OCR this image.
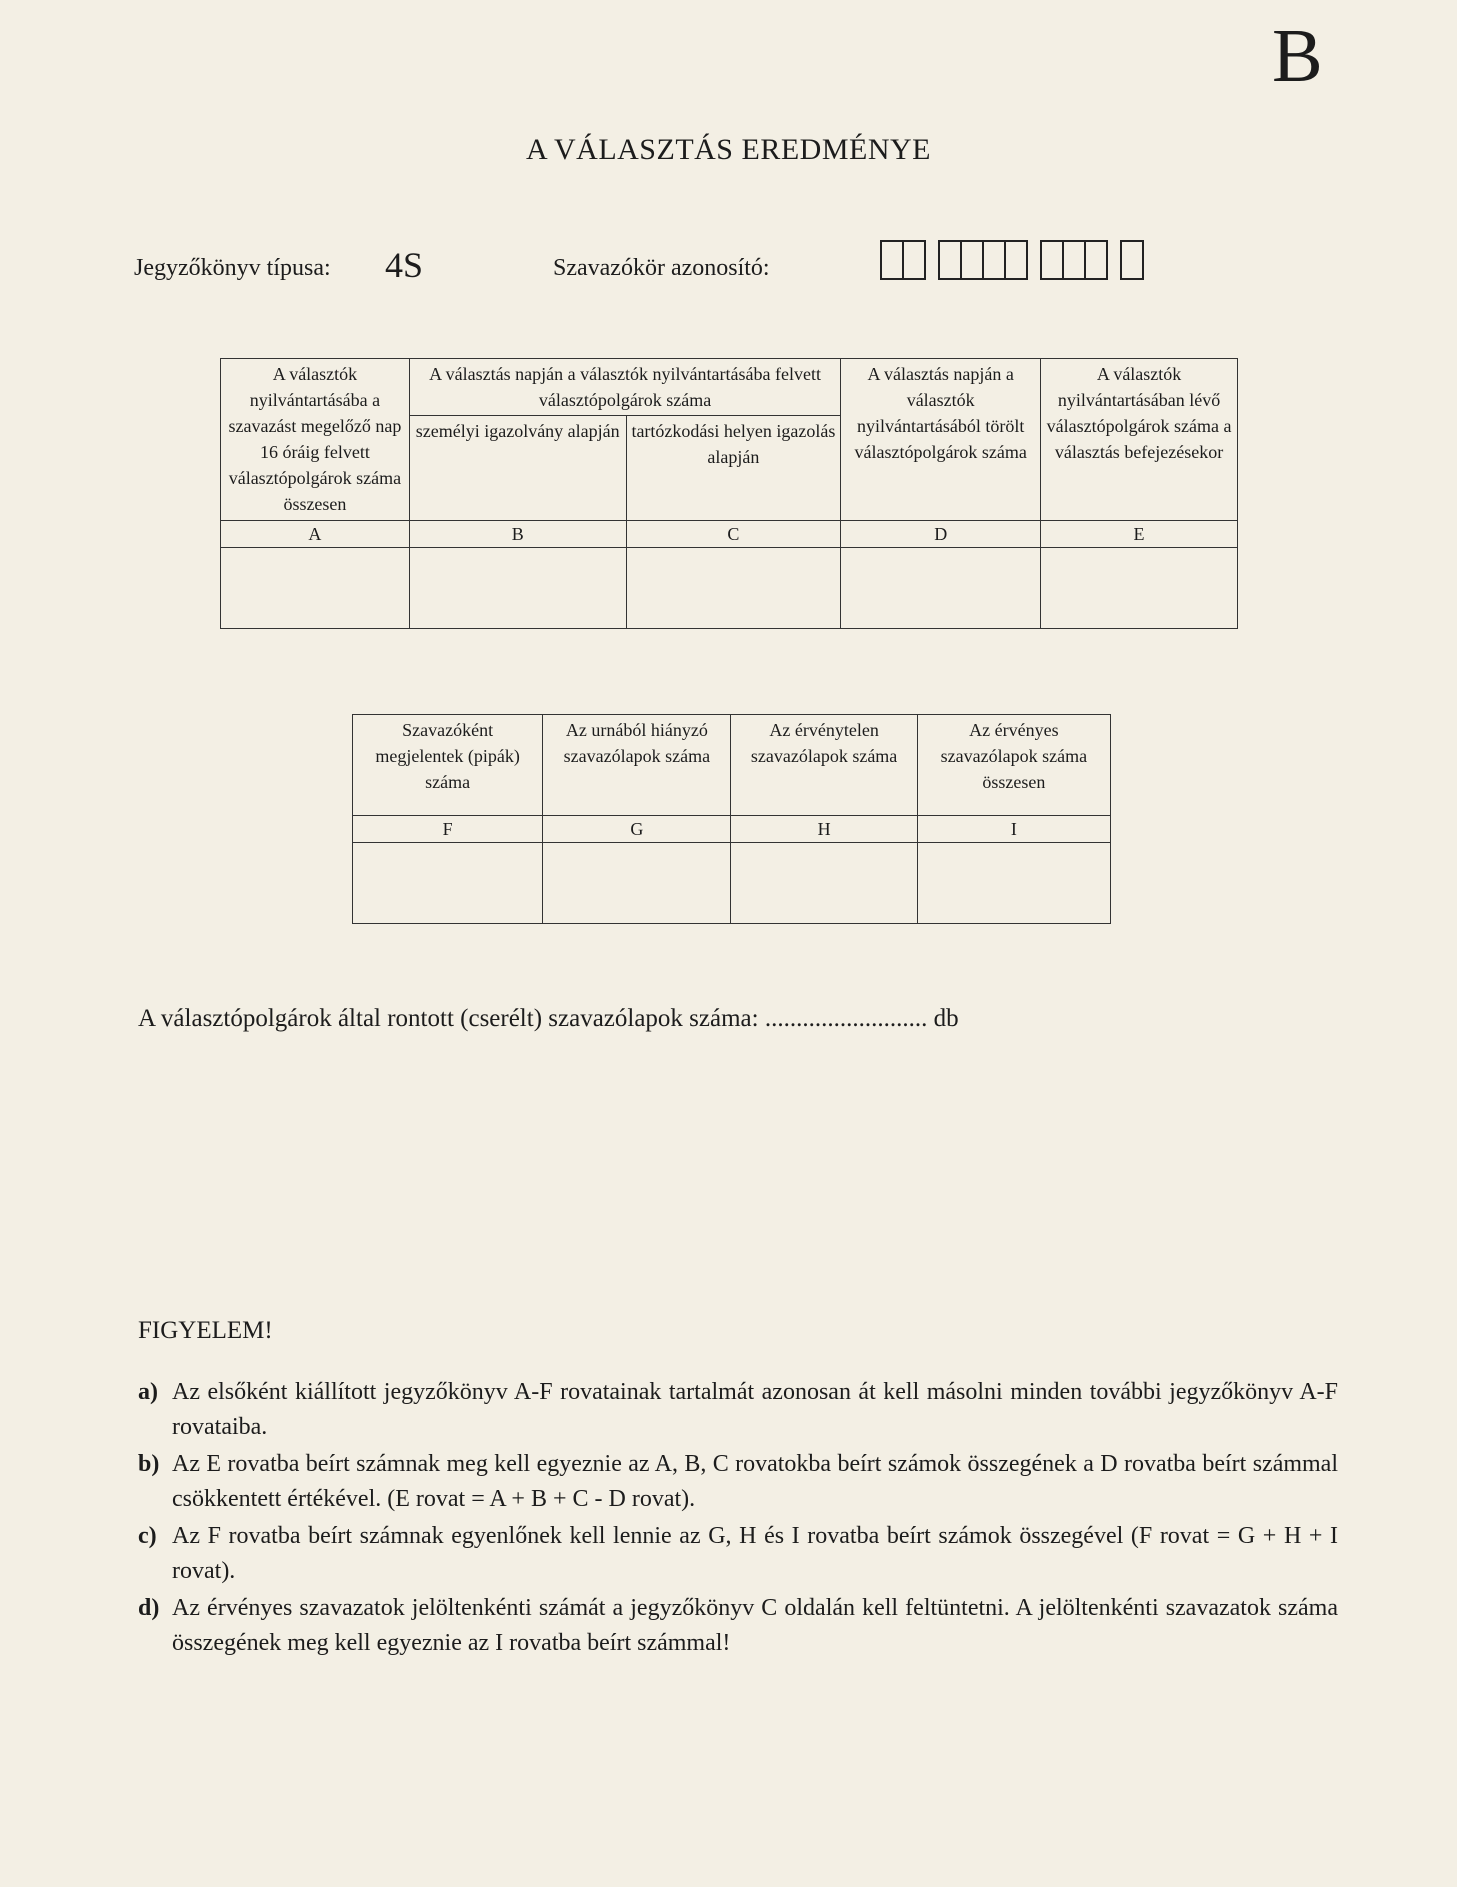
B
A VÁLASZTÁS EREDMÉNYE
Jegyzőkönyv típusa: 4S	Szavazókör azonosító:
A választók nyilvántartásába a szavazást megelőző nap 16 óráig felvett választópolgárok száma összesen	A választás napján a választók nyilvántartásába felvett választópolgárok száma		A választás napján a választók nyilvántartásából törölt választópolgárok száma	A választók nyilvántartásában lévő választópolgárok száma a választás befejezésekor
	személyi igazolvány alapján	tartózkodási helyen igazolás alapján		
A	B	C	D	E

Szavazóként megjelentek (pipák) száma	Az urnából hiányzó szavazólapok száma	Az érvénytelen szavazólapok száma	Az érvényes szavazólapok száma összesen
F	G	H	I

A választópolgárok által rontott (cserélt) szavazólapok száma: .......................... db
FIGYELEM!
a) Az elsőként kiállított jegyzőkönyv A-F rovatainak tartalmát azonosan át kell másolni minden további jegyzőkönyv A-F rovataiba.
b) Az E rovatba beírt számnak meg kell egyeznie az A, B, C rovatokba beírt számok összegének a D rovatba beírt számmal csökkentett értékével. (E rovat = A + B + C - D rovat).
c) Az F rovatba beírt számnak egyenlőnek kell lennie az G, H és I rovatba beírt számok összegével (F rovat = G + H + I rovat).
d) Az érvényes szavazatok jelöltenkénti számát a jegyzőkönyv C oldalán kell feltüntetni. A jelöltenkénti szavazatok száma összegének meg kell egyeznie az I rovatba beírt számmal!
